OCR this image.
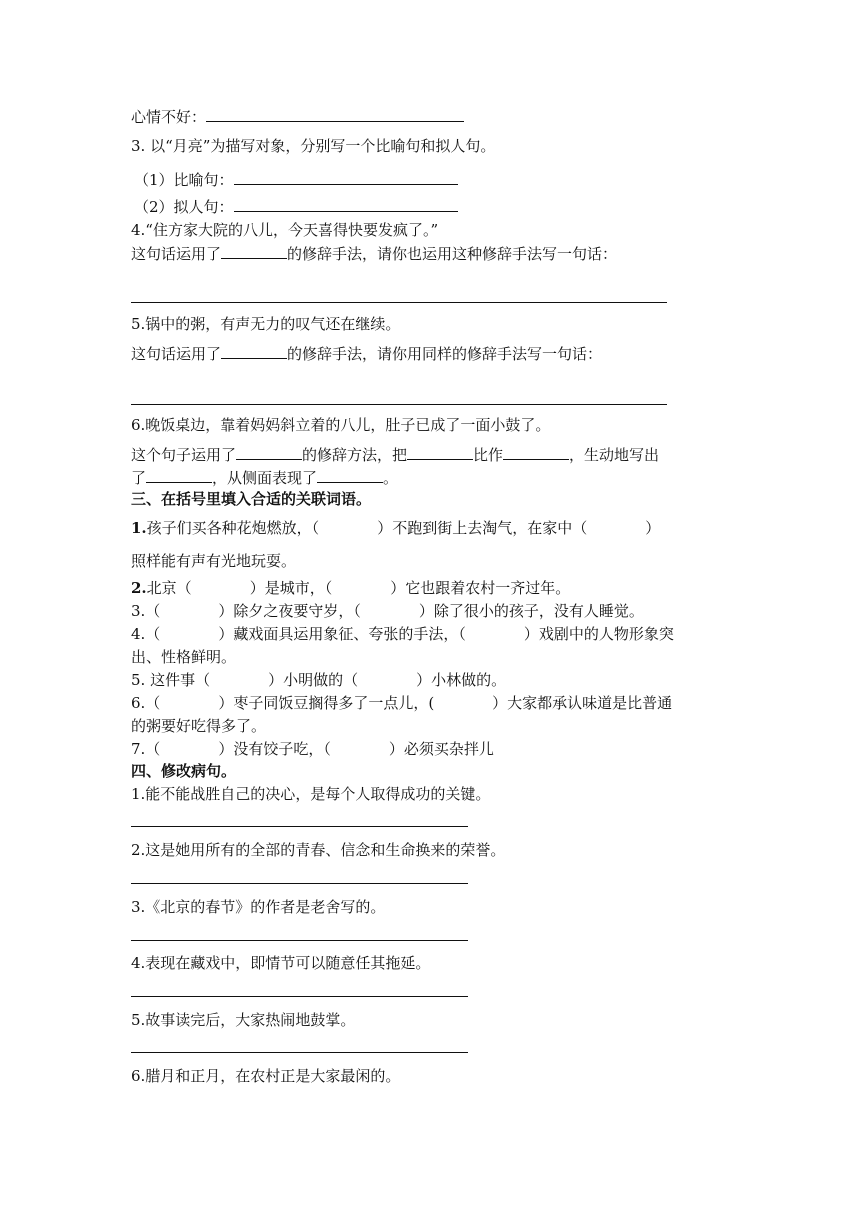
心情不好：
3. 以“月亮”为描写对象，分别写一个比喻句和拟人句。
（1）比喻句：
（2）拟人句：
4.“住方家大院的八儿，今天喜得快要发疯了。”
这句话运用了	的修辞手法，请你也运用这种修辞手法写一句话：
5.锅中的粥，有声无力的叹气还在继续。
这句话运用了	的修辞手法，请你用同样的修辞手法写一句话：
6.晚饭桌边，靠着妈妈斜立着的八儿，肚子已成了一面小鼓了。
这个句子运用了	的修辞方法，把	比作	，生动地写出
了	，从侧面表现了	。
三、在括号里填入合适的关联词语。
1.孩子们买各种花炮燃放，（	）不跑到街上去淘气，在家中（	）
照样能有声有光地玩耍。
2.北京（	）是城市，（	）它也跟着农村一齐过年。
3.（	）除夕之夜要守岁，（	）除了很小的孩子，没有人睡觉。
4.（	）藏戏面具运用象征、夸张的手法，（	）戏剧中的人物形象突
出、性格鲜明。
5. 这件事（	）小明做的（	）小林做的。
6.（	）枣子同饭豆搁得多了一点儿，(	）大家都承认味道是比普通
的粥要好吃得多了。
7.（	）没有饺子吃，（	）必须买杂拌儿
四、修改病句。
1.能不能战胜自己的决心，是每个人取得成功的关键。
2.这是她用所有的全部的青春、信念和生命换来的荣誉。
3.《北京的春节》的作者是老舍写的。
4.表现在藏戏中，即情节可以随意任其拖延。
5.故事读完后，大家热闹地鼓掌。
6.腊月和正月，在农村正是大家最闲的。
